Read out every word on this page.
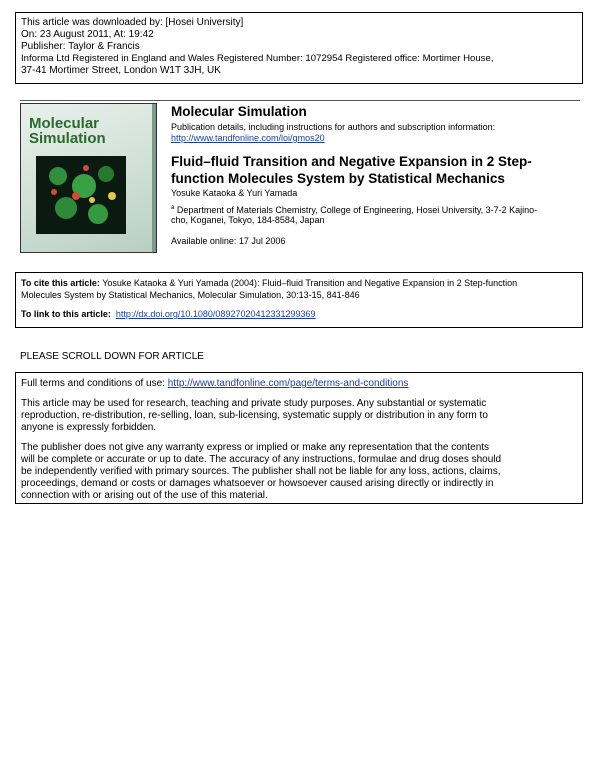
This article was downloaded by: [Hosei University]
On: 23 August 2011, At: 19:42
Publisher: Taylor & Francis
Informa Ltd Registered in England and Wales Registered Number: 1072954 Registered office: Mortimer House,
37-41 Mortimer Street, London W1T 3JH, UK
Molecular
Simulation
Molecular Simulation
Publication details, including instructions for authors and subscription information:
http://www.tandfonline.com/loi/gmos20
Fluid–fluid Transition and Negative Expansion in 2 Step-
function Molecules System by Statistical Mechanics
Yosuke Kataoka & Yuri Yamada
$^a$ Department of Materials Chemistry, College of Engineering, Hosei University, 3-7-2 Kajino-
cho, Koganei, Tokyo, 184-8584, Japan
Available online: 17 Jul 2006
To cite this article: Yosuke Kataoka & Yuri Yamada (2004): Fluid–fluid Transition and Negative Expansion in 2 Step-function
Molecules System by Statistical Mechanics, Molecular Simulation, 30:13-15, 841-846
To link to this article: http://dx.doi.org/10.1080/08927020412331299369
PLEASE SCROLL DOWN FOR ARTICLE
Full terms and conditions of use: http://www.tandfonline.com/page/terms-and-conditions
This article may be used for research, teaching and private study purposes. Any substantial or systematic
reproduction, re-distribution, re-selling, loan, sub-licensing, systematic supply or distribution in any form to
anyone is expressly forbidden.
The publisher does not give any warranty express or implied or make any representation that the contents
will be complete or accurate or up to date. The accuracy of any instructions, formulae and drug doses should
be independently verified with primary sources. The publisher shall not be liable for any loss, actions, claims,
proceedings, demand or costs or damages whatsoever or howsoever caused arising directly or indirectly in
connection with or arising out of the use of this material.
